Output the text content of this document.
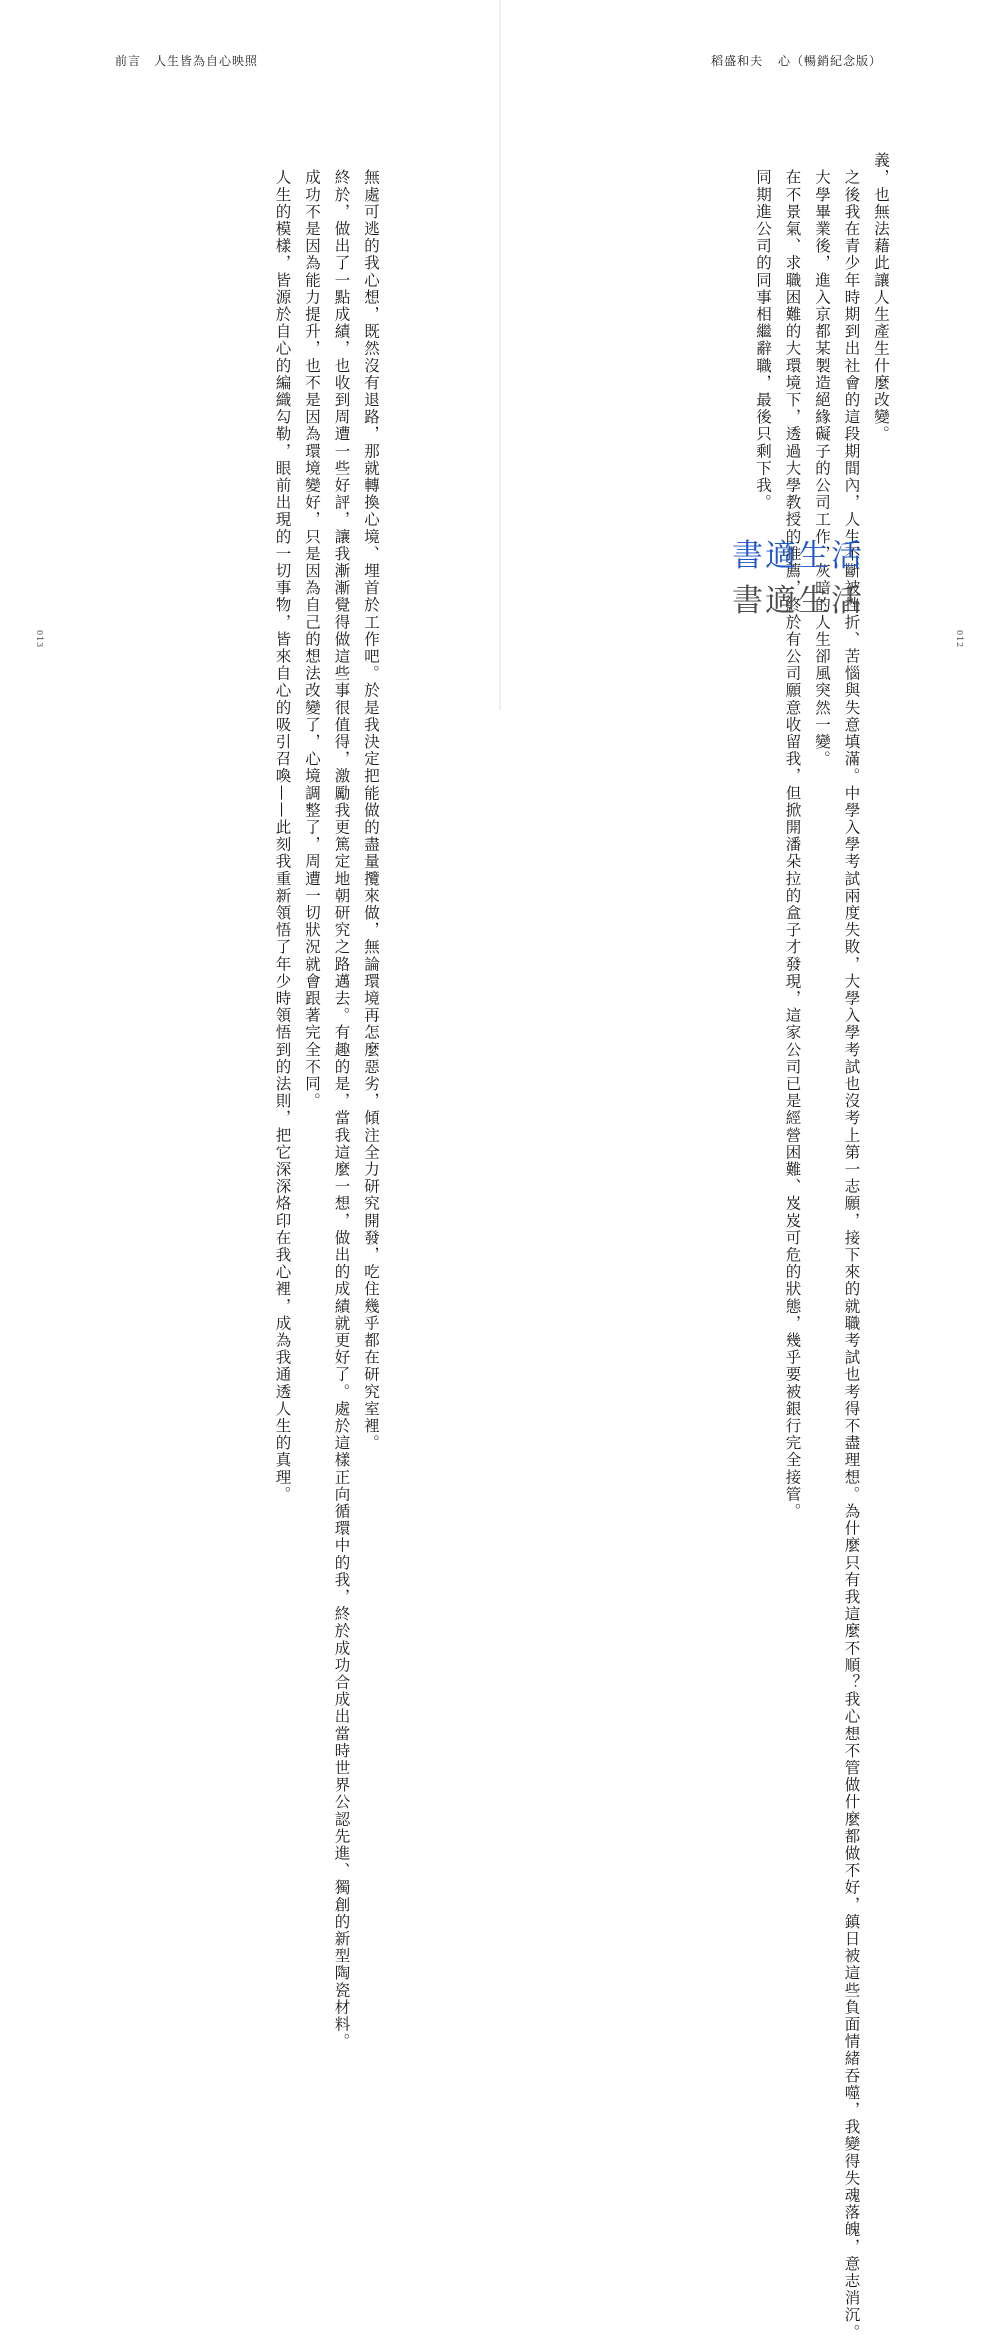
前言　人生皆為自心映照	稻盛和夫 心（暢銷紀念版）

義，也無法藉此讓人生產生什麼改變。

　之後我在青少年時期到出社會的這段期間內，人生不斷被挫折、苦惱與失意填滿。中學入學考試兩度失敗，大學入學考試也沒考上第一志願，接下來的就職考試也考得不盡理想。為什麼只有我這麼不順？我心想不管做什麼都做不好，鎮日被這些負面情緒吞噬，我變得失魂落魄，意志消沉。

　大學畢業後，進入京都某製造絕緣礙子的公司工作，灰暗的人生卻風突然一變。

　在不景氣、求職困難的大環境下，透過大學教授的推薦，終於有公司願意收留我，但掀開潘朵拉的盒子才發現，這家公司已是經營困難、岌岌可危的狀態，幾乎要被銀行完全接管。

　同期進公司的同事相繼辭職，最後只剩下我。

　無處可逃的我心想，既然沒有退路，那就轉換心境、埋首於工作吧。於是我決定把能做的盡量攬來做，無論環境再怎麼惡劣，傾注全力研究開發，吃住幾乎都在研究室裡。

　終於，做出了一點成績，也收到周遭一些好評，讓我漸漸覺得做這些事很值得，激勵我更篤定地朝研究之路邁去。有趣的是，當我這麼一想，做出的成績就更好了。處於這樣正向循環中的我，終於成功合成出當時世界公認先進、獨創的新型陶瓷材料。

　成功不是因為能力提升，也不是因為環境變好，只是因為自己的想法改變了，心境調整了，周遭一切狀況就會跟著完全不同。

　人生的模樣，皆源於自心的編織勾勒，眼前出現的一切事物，皆來自心的吸引召喚——此刻我重新領悟了年少時領悟到的法則，把它深深烙印在我心裡，成為我通透人生的真理。

013	012
書適生活
書適生活
